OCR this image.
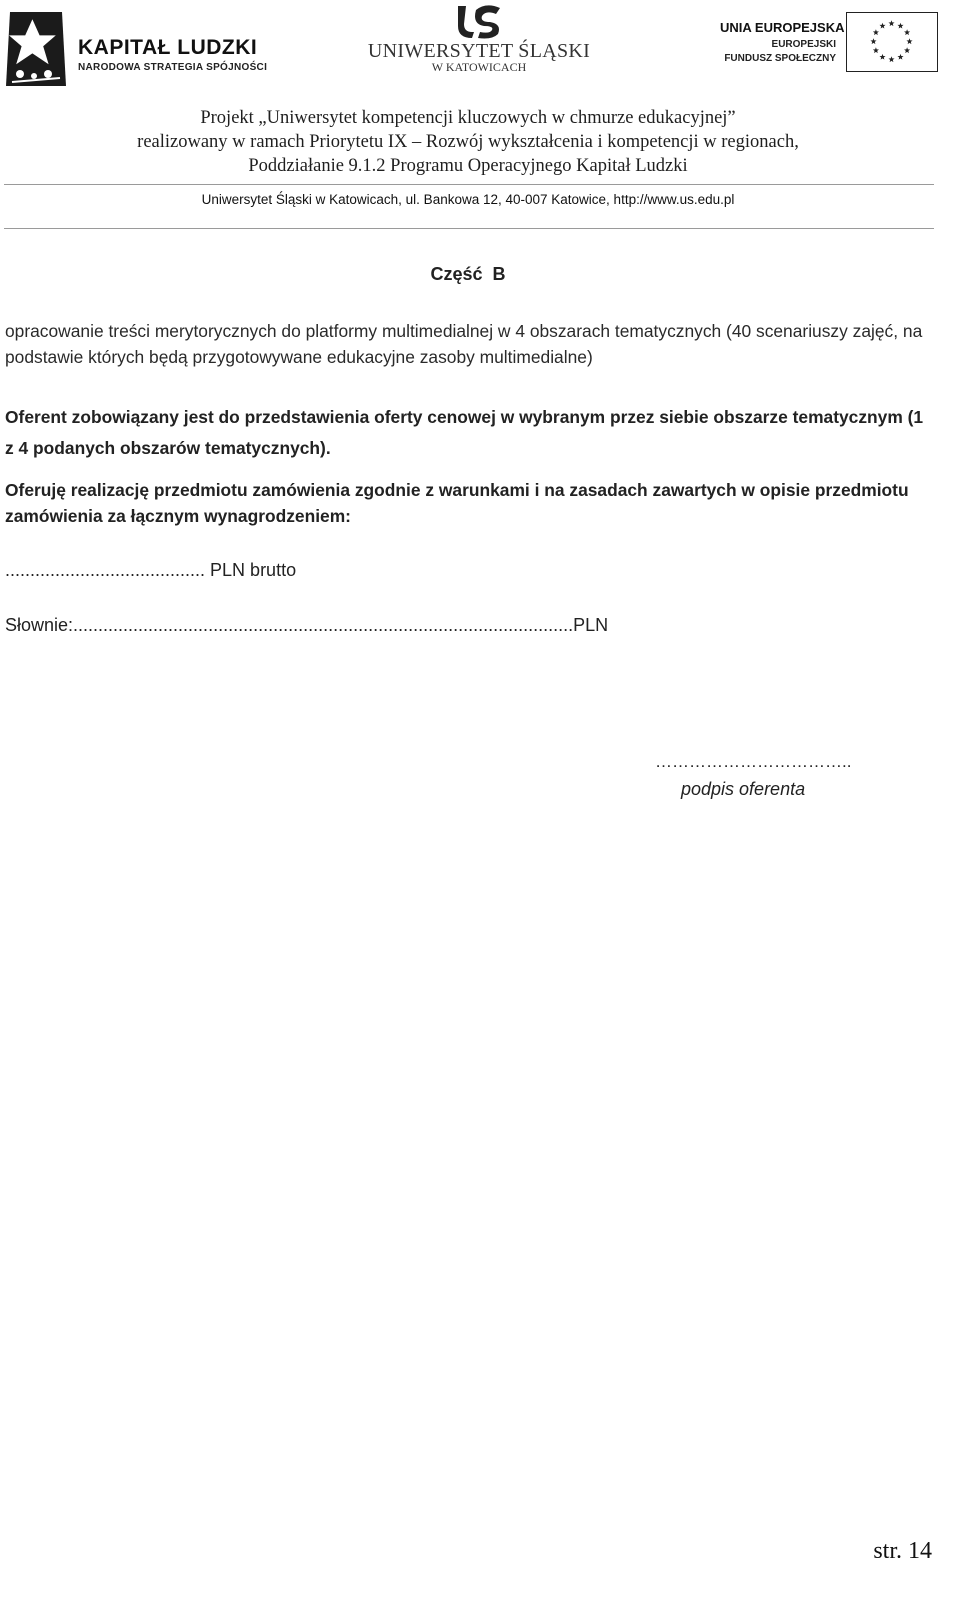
KAPITAŁ LUDZKI
NARODOWA STRATEGIA SPÓJNOŚCI
UNIWERSYTET ŚLĄSKI
W KATOWICACH
UNIA EUROPEJSKA
EUROPEJSKI
FUNDUSZ SPOŁECZNY
Projekt „Uniwersytet kompetencji kluczowych w chmurze edukacyjnej”
realizowany w ramach Priorytetu IX – Rozwój wykształcenia i kompetencji w regionach,
Poddziałanie 9.1.2 Programu Operacyjnego Kapitał Ludzki
Uniwersytet Śląski w Katowicach, ul. Bankowa 12, 40-007 Katowice, http://www.us.edu.pl
Część  B
opracowanie treści merytorycznych do platformy multimedialnej w 4 obszarach tematycznych (40 scenariuszy zajęć, na podstawie których będą przygotowywane edukacyjne zasoby multimedialne)
Oferent zobowiązany jest do przedstawienia oferty cenowej w wybranym przez siebie obszarze tematycznym (1 z 4 podanych obszarów tematycznych).
Oferuję realizację przedmiotu zamówienia zgodnie z warunkami i na zasadach zawartych w opisie przedmiotu zamówienia za łącznym wynagrodzeniem:
........................................ PLN brutto
Słownie:....................................................................................................PLN
……………………………..
podpis oferenta
str. 14
